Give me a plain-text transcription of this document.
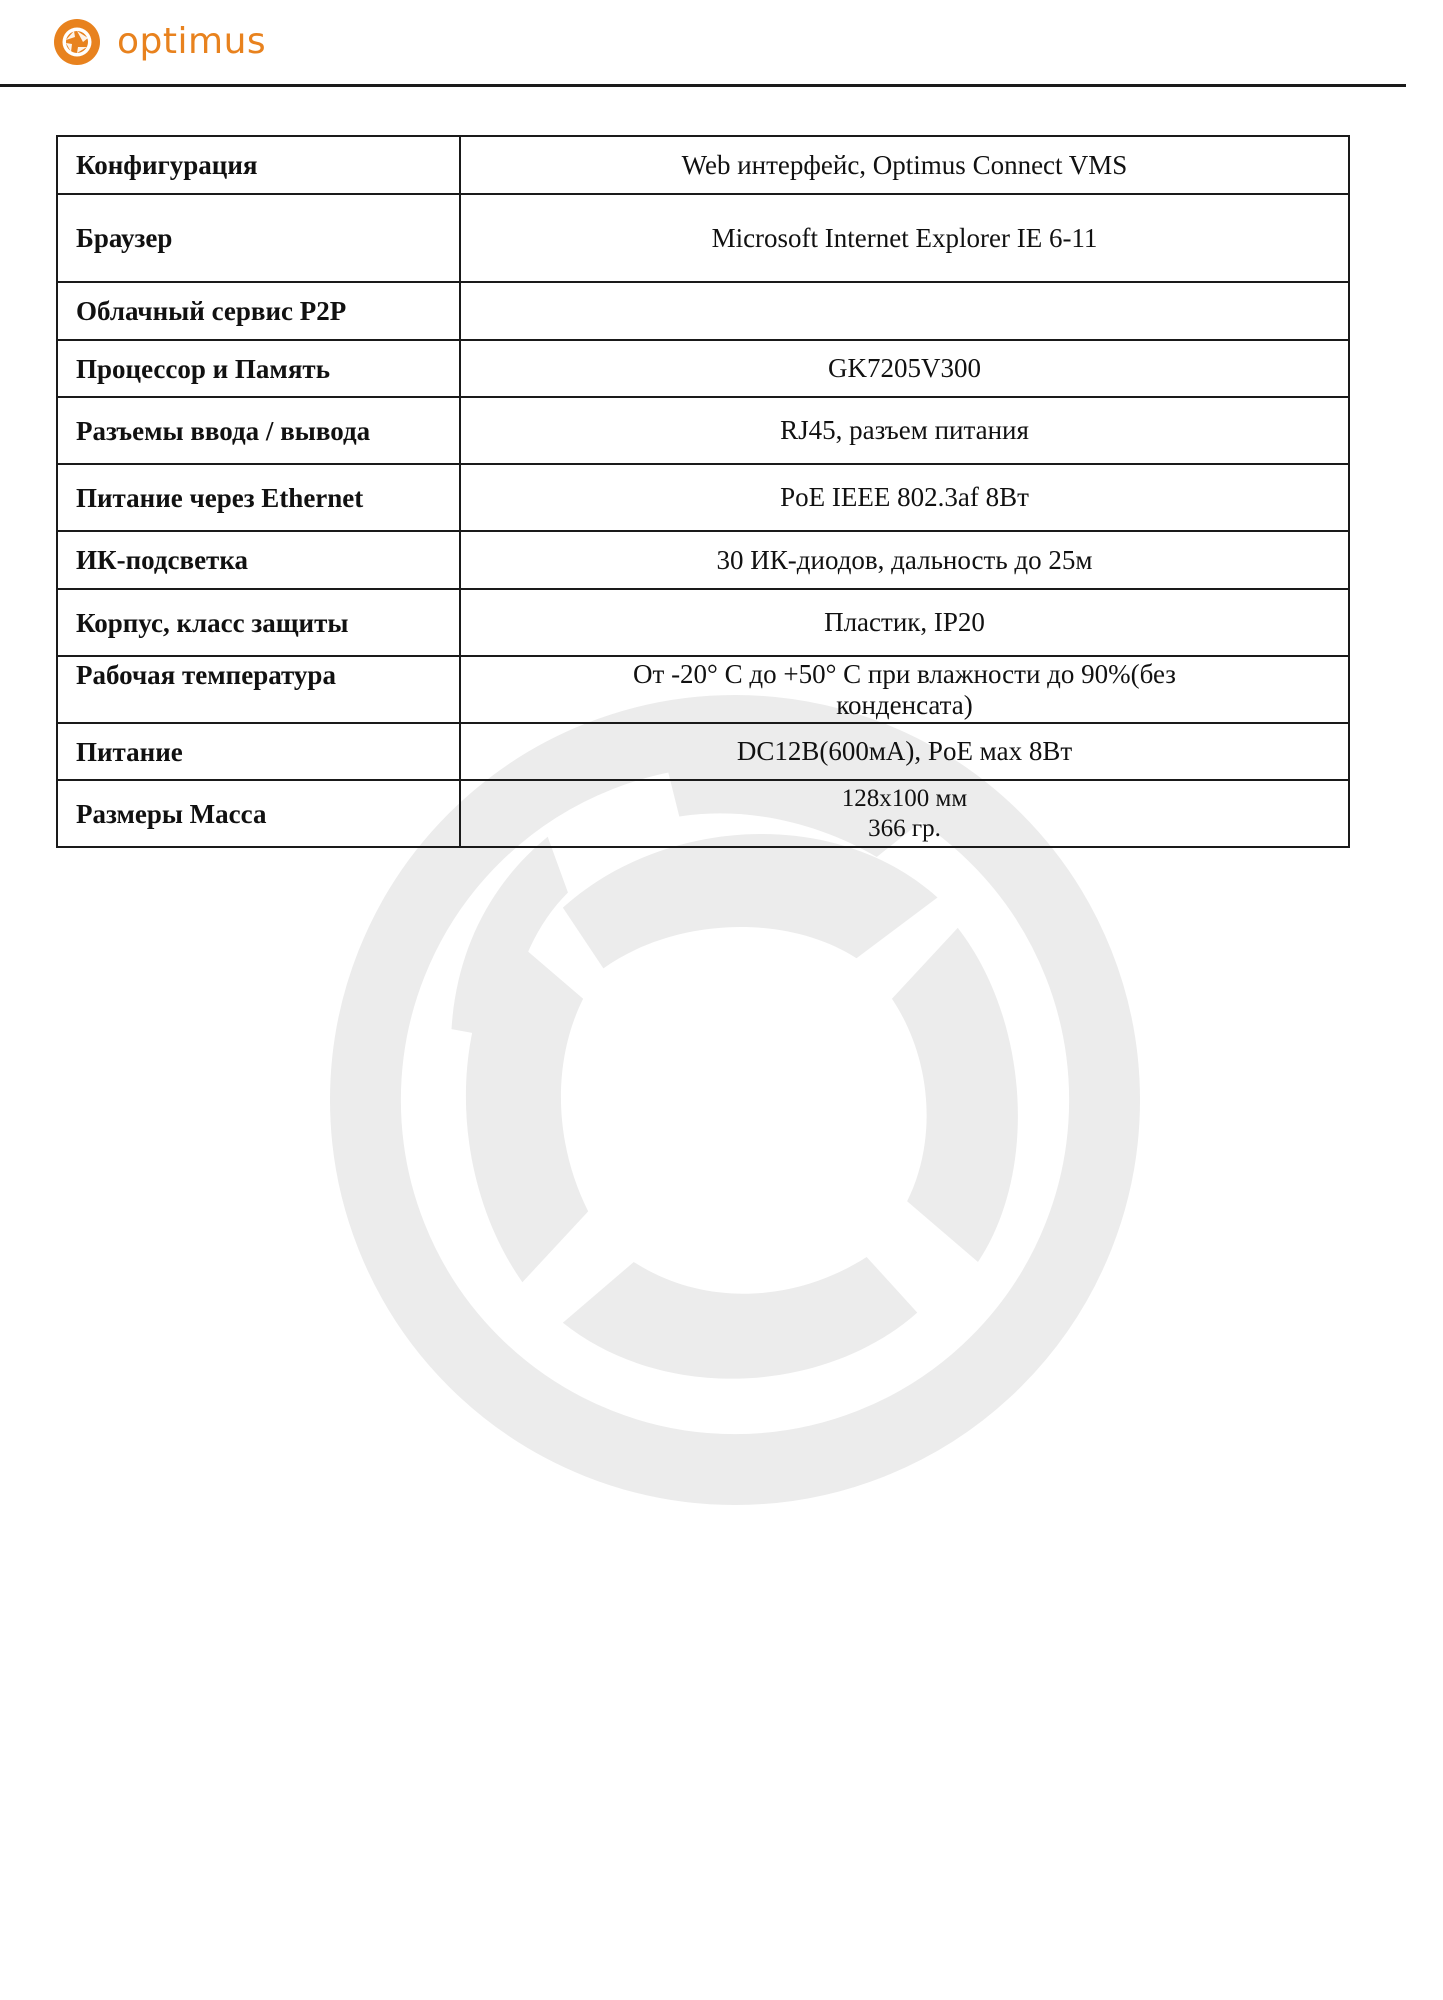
optimus
Конфигурация	Web интерфейс, Optimus Connect VMS

Браузер	Microsoft Internet Explorer IE 6-11

Облачный сервис P2P	

Процессор и Память	GK7205V300

Разъемы ввода / вывода	RJ45, разъем питания

Питание через Ethernet	PoE IEEE 802.3af 8Вт

ИК-подсветка	30 ИК-диодов, дальность до 25м

Корпус, класс защиты	Пластик, IP20

Рабочая температура	От -20° С до +50° С при влажности до 90%(без
конденсата)

Питание	DC12В(600мА), PoE мах 8Вт

Размеры Масса	128х100 мм
366 гр.
